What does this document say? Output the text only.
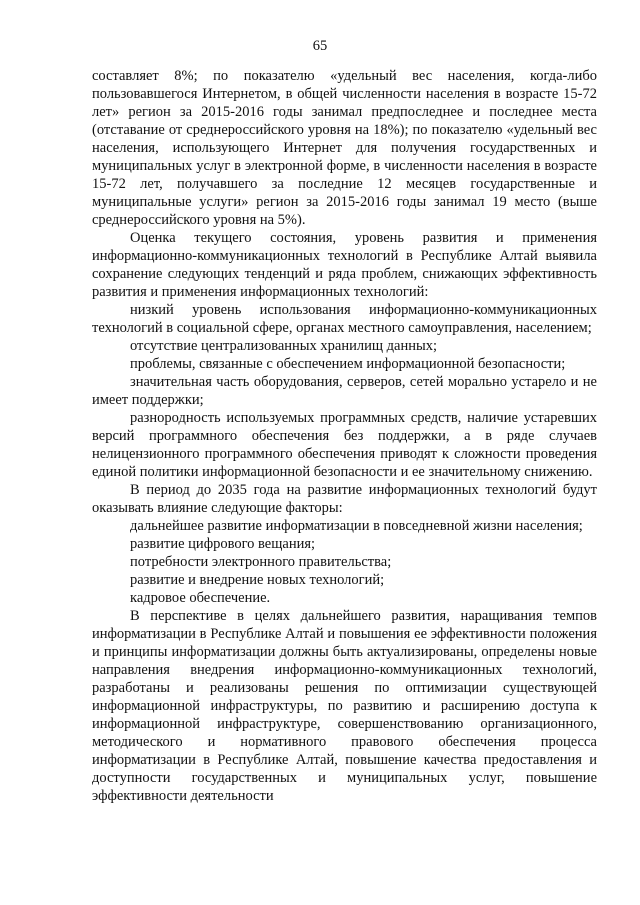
65

составляет 8%; по показателю «удельный вес населения, когда-либо пользовавшегося Интернетом, в общей численности населения в возрасте 15-72 лет» регион за 2015-2016 годы занимал предпоследнее и последнее места (отставание от среднероссийского уровня на 18%); по показателю «удельный вес населения, использующего Интернет для получения государственных и муниципальных услуг в электронной форме, в численности населения в возрасте 15-72 лет, получавшего за последние 12 месяцев государственные и муниципальные услуги» регион за 2015-2016 годы занимал 19 место (выше среднероссийского уровня на 5%).

Оценка текущего состояния, уровень развития и применения информационно-коммуникационных технологий в Республике Алтай выявила сохранение следующих тенденций и ряда проблем, снижающих эффективность развития и применения информационных технологий:

низкий уровень использования информационно-коммуникационных технологий в социальной сфере, органах местного самоуправления, населением;

отсутствие централизованных хранилищ данных;

проблемы, связанные с обеспечением информационной безопасности;

значительная часть оборудования, серверов, сетей морально устарело и не имеет поддержки;

разнородность используемых программных средств, наличие устаревших версий программного обеспечения без поддержки, а в ряде случаев нелицензионного программного обеспечения приводят к сложности проведения единой политики информационной безопасности и ее значительному снижению.

В период до 2035 года на развитие информационных технологий будут оказывать влияние следующие факторы:

дальнейшее развитие информатизации в повседневной жизни населения;

развитие цифрового вещания;

потребности электронного правительства;

развитие и внедрение новых технологий;

кадровое обеспечение.

В перспективе в целях дальнейшего развития, наращивания темпов информатизации в Республике Алтай и повышения ее эффективности положения и принципы информатизации должны быть актуализированы, определены новые направления внедрения информационно-коммуникационных технологий, разработаны и реализованы решения по оптимизации существующей информационной инфраструктуры, по развитию и расширению доступа к информационной инфраструктуре, совершенствованию организационного, методического и нормативного правового обеспечения процесса информатизации в Республике Алтай, повышение качества предоставления и доступности государственных и муниципальных услуг, повышение эффективности деятельности
